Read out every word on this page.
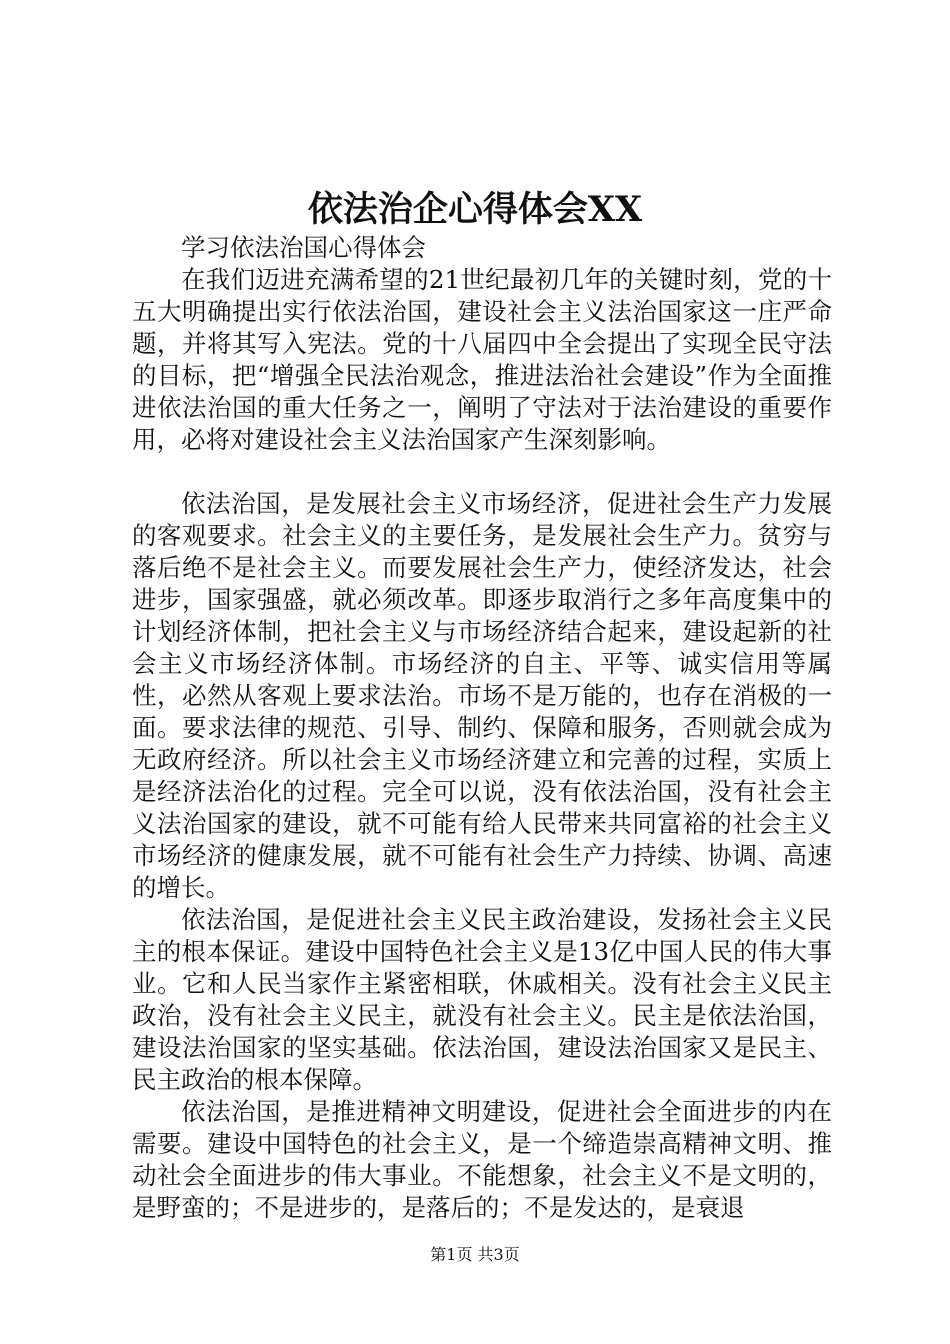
依法治企心得体会XX

学习依法治国心得体会

在我们迈进充满希望的21世纪最初几年的关键时刻，党的十五大明确提出实行依法治国，建设社会主义法治国家这一庄严命题，并将其写入宪法。党的十八届四中全会提出了实现全民守法的目标，把“增强全民法治观念，推进法治社会建设”作为全面推进依法治国的重大任务之一，阐明了守法对于法治建设的重要作用，必将对建设社会主义法治国家产生深刻影响。

依法治国，是发展社会主义市场经济，促进社会生产力发展的客观要求。社会主义的主要任务，是发展社会生产力。贫穷与落后绝不是社会主义。而要发展社会生产力，使经济发达，社会进步，国家强盛，就必须改革。即逐步取消行之多年高度集中的计划经济体制，把社会主义与市场经济结合起来，建设起新的社会主义市场经济体制。市场经济的自主、平等、诚实信用等属性，必然从客观上要求法治。市场不是万能的，也存在消极的一面。要求法律的规范、引导、制约、保障和服务，否则就会成为无政府经济。所以社会主义市场经济建立和完善的过程，实质上是经济法治化的过程。完全可以说，没有依法治国，没有社会主义法治国家的建设，就不可能有给人民带来共同富裕的社会主义市场经济的健康发展，就不可能有社会生产力持续、协调、高速的增长。

依法治国，是促进社会主义民主政治建设，发扬社会主义民主的根本保证。建设中国特色社会主义是13亿中国人民的伟大事业。它和人民当家作主紧密相联，休戚相关。没有社会主义民主政治，没有社会主义民主，就没有社会主义。民主是依法治国，建设法治国家的坚实基础。依法治国，建设法治国家又是民主、民主政治的根本保障。

依法治国，是推进精神文明建设，促进社会全面进步的内在需要。建设中国特色的社会主义，是一个缔造崇高精神文明、推动社会全面进步的伟大事业。不能想象，社会主义不是文明的，是野蛮的；不是进步的，是落后的；不是发达的，是衰退

第1页 共3页
